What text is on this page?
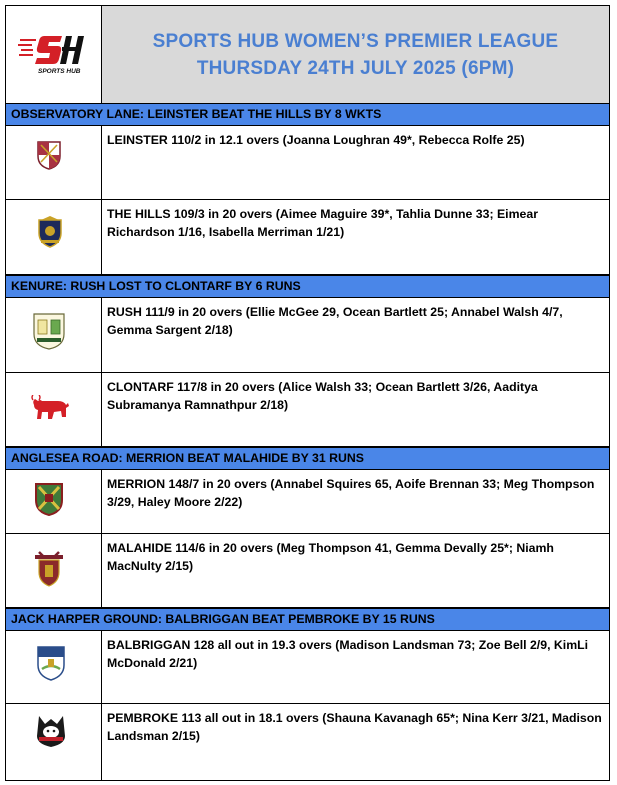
SPORTS HUB
SPORTS HUB WOMEN’S PREMIER LEAGUE
THURSDAY 24TH JULY 2025 (6PM)
OBSERVATORY LANE: LEINSTER BEAT THE HILLS BY 8 WKTS
LEINSTER 110/2 in 12.1 overs (Joanna Loughran 49*, Rebecca Rolfe 25)
THE HILLS 109/3 in 20 overs (Aimee Maguire 39*, Tahlia Dunne 33; Eimear Richardson 1/16, Isabella Merriman 1/21)
KENURE: RUSH LOST TO CLONTARF BY 6 RUNS
RUSH 111/9 in 20 overs (Ellie McGee 29, Ocean Bartlett 25; Annabel Walsh 4/7, Gemma Sargent 2/18)
CLONTARF 117/8 in 20 overs (Alice Walsh 33; Ocean Bartlett 3/26, Aaditya Subramanya Ramnathpur 2/18)
ANGLESEA ROAD: MERRION BEAT MALAHIDE BY 31 RUNS
MERRION 148/7 in 20 overs (Annabel Squires 65, Aoife Brennan 33; Meg Thompson 3/29, Haley Moore 2/22)
MALAHIDE 114/6 in 20 overs (Meg Thompson 41, Gemma Devally 25*; Niamh MacNulty 2/15)
JACK HARPER GROUND: BALBRIGGAN BEAT PEMBROKE BY 15 RUNS
BALBRIGGAN 128 all out in 19.3 overs (Madison Landsman 73; Zoe Bell 2/9, KimLi McDonald 2/21)
PEMBROKE 113 all out in 18.1 overs (Shauna Kavanagh 65*; Nina Kerr 3/21, Madison Landsman 2/15)
